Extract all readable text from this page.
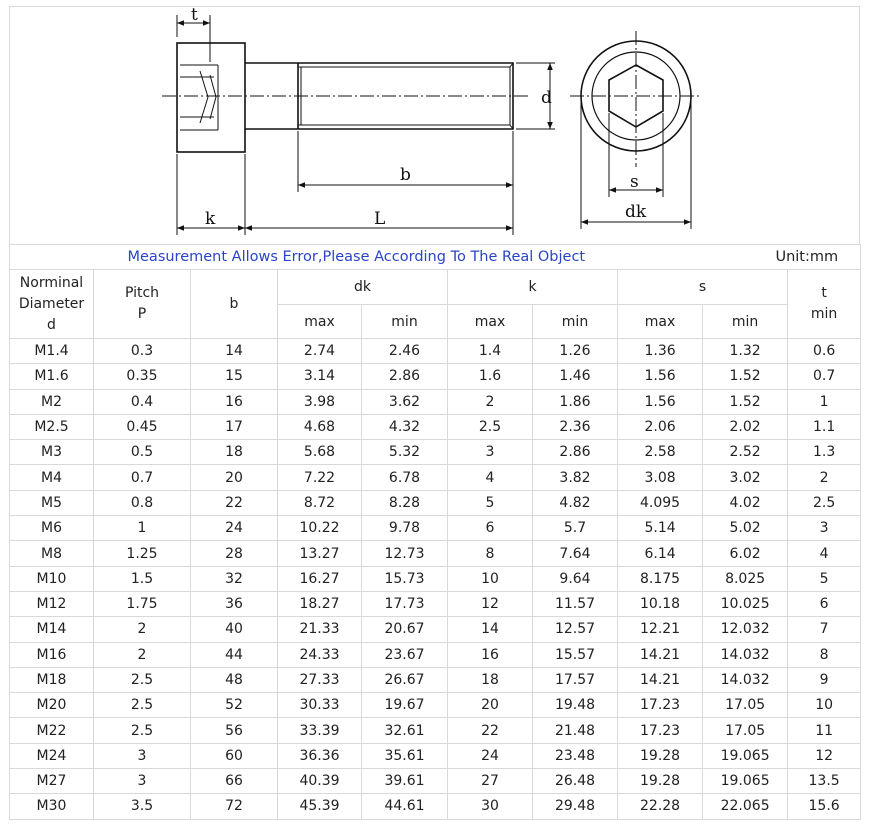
t
d
b
k	L
s
dk
Measurement Allows Error,Please According To The Real Object								Unit:mm	
Norminal
Diameter
d	Pitch
P	b	dk		k		s		t
min
			max	min	max	min	max	min	
M1.4	0.3	14	2.74	2.46	1.4	1.26	1.36	1.32	0.6
M1.6	0.35	15	3.14	2.86	1.6	1.46	1.56	1.52	0.7
M2	0.4	16	3.98	3.62	2	1.86	1.56	1.52	1
M2.5	0.45	17	4.68	4.32	2.5	2.36	2.06	2.02	1.1
M3	0.5	18	5.68	5.32	3	2.86	2.58	2.52	1.3
M4	0.7	20	7.22	6.78	4	3.82	3.08	3.02	2
M5	0.8	22	8.72	8.28	5	4.82	4.095	4.02	2.5
M6	1	24	10.22	9.78	6	5.7	5.14	5.02	3
M8	1.25	28	13.27	12.73	8	7.64	6.14	6.02	4
M10	1.5	32	16.27	15.73	10	9.64	8.175	8.025	5
M12	1.75	36	18.27	17.73	12	11.57	10.18	10.025	6
M14	2	40	21.33	20.67	14	12.57	12.21	12.032	7
M16	2	44	24.33	23.67	16	15.57	14.21	14.032	8
M18	2.5	48	27.33	26.67	18	17.57	14.21	14.032	9
M20	2.5	52	30.33	19.67	20	19.48	17.23	17.05	10
M22	2.5	56	33.39	32.61	22	21.48	17.23	17.05	11
M24	3	60	36.36	35.61	24	23.48	19.28	19.065	12
M27	3	66	40.39	39.61	27	26.48	19.28	19.065	13.5
M30	3.5	72	45.39	44.61	30	29.48	22.28	22.065	15.6
